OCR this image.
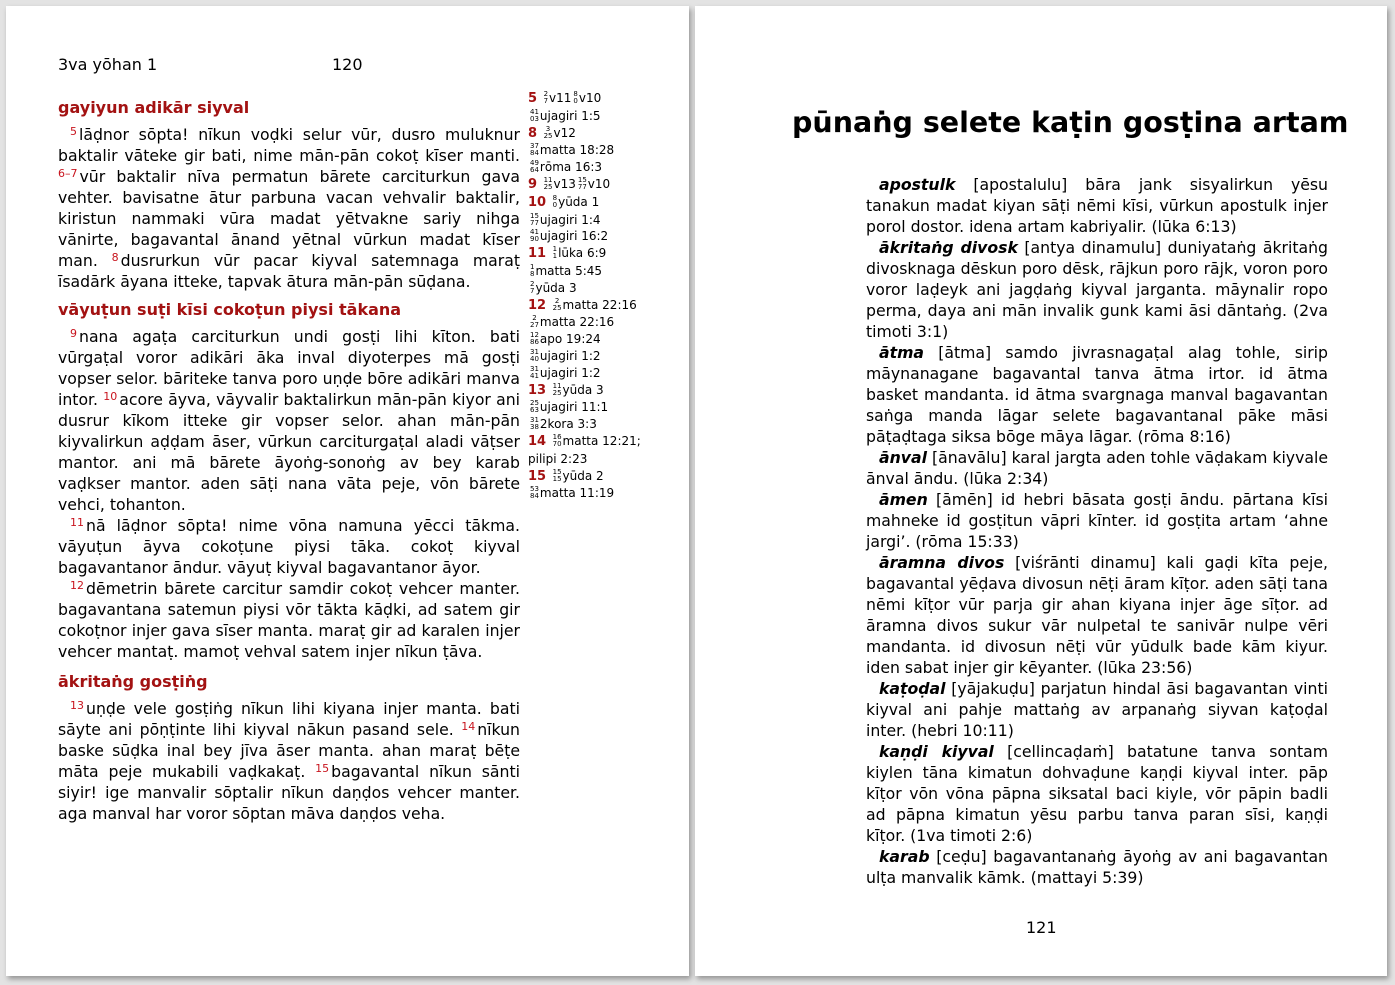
3va yōhan 1	120
gayiyun adikār siyval

$^5$ lāḍnor sōpta! nīkun voḍki selur vūr, dusro muluknur baktalir vāteke gir bati, nime mān-pān cokoṭ kīser manti. $^{6-7}$ vūr baktalir nīva permatun bārete carciturkun gava vehter. bavisatne ātur parbuna vacan vehvalir baktalir, kiristun nammaki vūra madat yētvakne sariy nihga vānirte, bagavantal ānand yētnal vūrkun madat kīser man. $^8$ dusrurkun vūr pacar kiyval satemnaga maraṭ īsadārk āyana itteke, tapvak ātura mān-pān sūḍana.

vāyuṭun suṭi kīsi cokoṭun piysi tākana

$^9$ nana agaṭa carciturkun undi gosṭi lihi kīton. bati vūrgaṭal voror adikāri āka inval diyoterpes mā gosṭi vopser selor. bāriteke tanva poro uṇḍe bōre adikāri manva intor. $^{10}$ acore āyva, vāyvalir baktalirkun mān-pān kiyor ani dusrur kīkom itteke gir vopser selor. ahan mān-pān kiyvalirkun aḍḍam āser, vūrkun carciturgaṭal aladi vāṭser mantor. ani mā bārete āyoṅg-sonoṅg av bey karab vaḍkser mantor. aden sāṭi nana vāta peje, vōn bārete vehci, tohanton.

$^{11}$ nā lāḍnor sōpta! nime vōna namuna yēcci tākma. vāyuṭun āyva cokoṭune piysi tāka. cokoṭ kiyval bagavantanor āndur. vāyuṭ kiyval bagavantanor āyor.

$^{12}$ dēmetrin bārete carcitur samdir cokoṭ vehcer manter. bagavantana satemun piysi vōr tākta kāḍki, ad satem gir cokoṭnor injer gava sīser manta. maraṭ gir ad karalen injer vehcer mantaṭ. mamoṭ vehval satem injer nīkun ṭāva.

ākritaṅg gosṭiṅg

$^{13}$ uṇḍe vele gosṭiṅg nīkun lihi kiyana injer manta. bati sāyte ani pōṇṭinte lihi kiyval nākun pasand sele. $^{14}$ nīkun baske sūḍka inal bey jīva āser manta. ahan maraṭ bēṭe māta peje mukabili vaḍkakaṭ. $^{15}$ bagavantal nīkun sānti siyir! ige manvalir sōptalir nīkun daṇḍos vehcer manter. aga manval har voror sōptan māva daṇḍos veha.

5 2
7 v11 8
0 v10
41
03 ujagiri 1:5
8 3
25 v12
37
84 matta 18:28
49
64 rōma 16:3
9 11
25 v13 15
77 v10
10 8
0 yūda 1
15
77 ujagiri 1:4
41
90 ujagiri 16:2
11 1
1 lūka 6:9
1
8 matta 5:45
2
7 yūda 3
12 2
25 matta 22:16
2
27 matta 22:16
12
86 apo 19:24
31
40 ujagiri 1:2
31
41 ujagiri 1:2
13 11
25 yūda 3
25
63 ujagiri 11:1
31
38 2kora 3:3
14 16
70 matta 12:21;
pilipi 2:23
15 15
15 yūda 2
53
84 matta 11:19
pūnaṅg selete kaṭin gosṭina artam

apostulk [apostalulu] bāra jank sisyalirkun yēsu tanakun madat kiyan sāṭi nēmi kīsi, vūrkun apostulk injer porol dostor. idena artam kabriyalir. (lūka 6:13)

ākritaṅg divosk [antya dinamulu] duniyataṅg ākritaṅg divosknaga dēskun poro dēsk, rājkun poro rājk, voron poro voror laḍeyk ani jagḍaṅg kiyval jarganta. māynalir ropo perma, daya ani mān invalik gunk kami āsi dāntaṅg. (2va timoti 3:1)

ātma [ātma] samdo jivrasnagaṭal alag tohle, sirip māynanagane bagavantal tanva ātma irtor. id ātma basket mandanta. id ātma svargnaga manval bagavantan saṅga manda lāgar selete bagavantanal pāke māsi pāṭaḍtaga siksa bōge māya lāgar. (rōma 8:16)

ānval [ānavālu] karal jargta aden tohle vāḍakam kiyvale ānval āndu. (lūka 2:34)

āmen [āmēn] id hebri bāsata gosṭi āndu. pārtana kīsi mahneke id gosṭitun vāpri kīnter. id gosṭita artam ‘ahne jargi’. (rōma 15:33)

āramna divos [viśrānti dinamu] kali gaḍi kīta peje, bagavantal yēḍava divosun nēṭi āram kīṭor. aden sāṭi tana nēmi kīṭor vūr parja gir ahan kiyana injer āge sīṭor. ad āramna divos sukur vār nulpetal te sanivār nulpe vēri mandanta. id divosun nēṭi vūr yūdulk bade kām kiyur. iden sabat injer gir kēyanter. (lūka 23:56)

kaṭoḍal [yājakuḍu] parjatun hindal āsi bagavantan vinti kiyval ani pahje mattaṅg av arpanaṅg siyvan kaṭoḍal inter. (hebri 10:11)

kaṇḍi kiyval [cellincaḍaṁ] batatune tanva sontam kiylen tāna kimatun dohvaḍune kaṇḍi kiyval inter. pāp kīṭor vōn vōna pāpna siksatal baci kiyle, vōr pāpin badli ad pāpna kimatun yēsu parbu tanva paran sīsi, kaṇḍi kīṭor. (1va timoti 2:6)

karab [ceḍu] bagavantanaṅg āyoṅg av ani bagavantan ulṭa manvalik kāmk. (mattayi 5:39)

121
